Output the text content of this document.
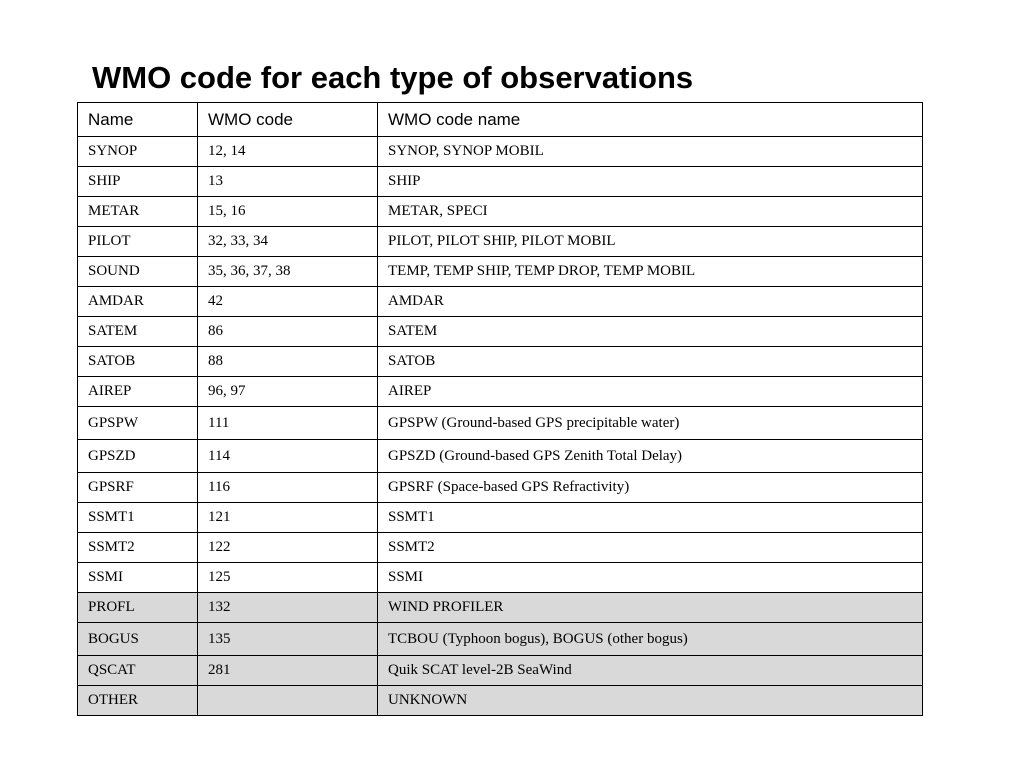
WMO code for each type of observations
Name	WMO code	WMO code name
SYNOP	12, 14	SYNOP, SYNOP MOBIL
SHIP	13	SHIP
METAR	15, 16	METAR, SPECI
PILOT	32, 33, 34	PILOT, PILOT SHIP, PILOT MOBIL
SOUND	35, 36, 37, 38	TEMP, TEMP SHIP, TEMP DROP, TEMP MOBIL
AMDAR	42	AMDAR
SATEM	86	SATEM
SATOB	88	SATOB
AIREP	96, 97	AIREP
GPSPW	111	GPSPW (Ground-based GPS precipitable water)
GPSZD	114	GPSZD (Ground-based GPS Zenith Total Delay)
GPSRF	116	GPSRF (Space-based GPS Refractivity)
SSMT1	121	SSMT1
SSMT2	122	SSMT2
SSMI	125	SSMI
PROFL	132	WIND PROFILER
BOGUS	135	TCBOU (Typhoon bogus), BOGUS (other bogus)
QSCAT	281	Quik SCAT level-2B SeaWind
OTHER		UNKNOWN
